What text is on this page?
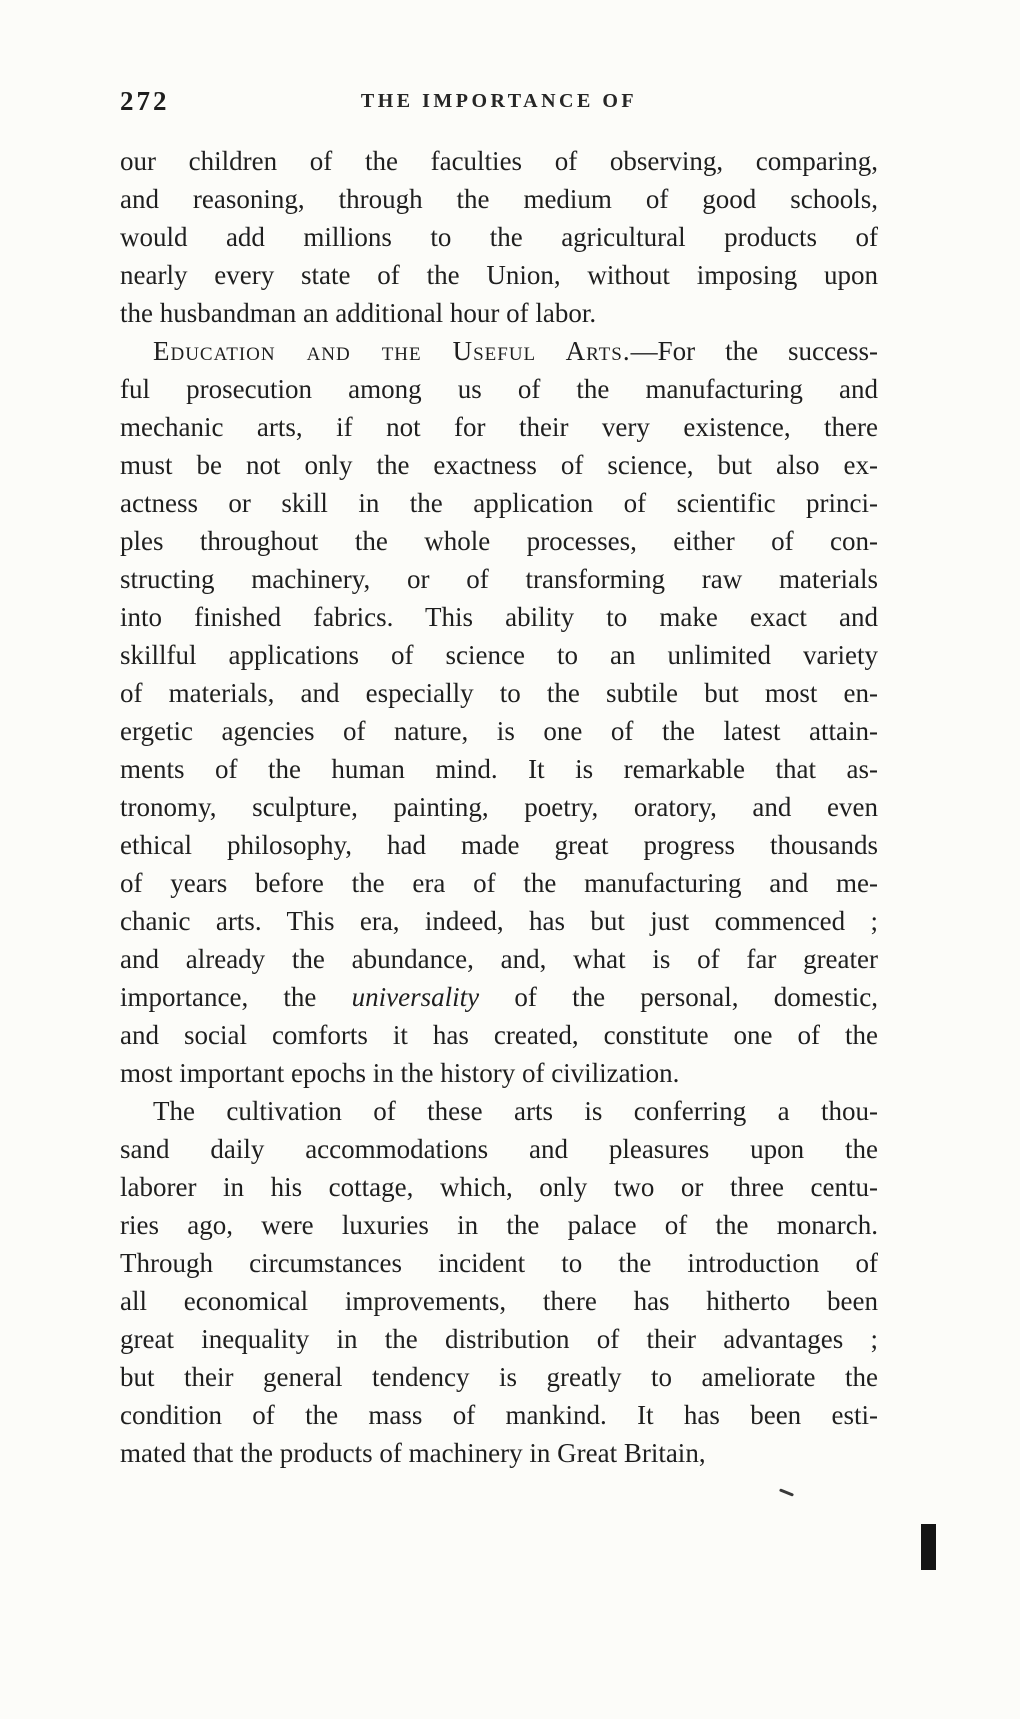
272	THE IMPORTANCE OF
our children of the faculties of observing, comparing,
and reasoning, through the medium of good schools,
would add millions to the agricultural products of
nearly every state of the Union, without imposing upon
the husbandman an additional hour of labor.
Education and the Useful Arts.—For the success-
ful prosecution among us of the manufacturing and
mechanic arts, if not for their very existence, there
must be not only the exactness of science, but also ex-
actness or skill in the application of scientific princi-
ples throughout the whole processes, either of con-
structing machinery, or of transforming raw materials
into finished fabrics. This ability to make exact and
skillful applications of science to an unlimited variety
of materials, and especially to the subtile but most en-
ergetic agencies of nature, is one of the latest attain-
ments of the human mind. It is remarkable that as-
tronomy, sculpture, painting, poetry, oratory, and even
ethical philosophy, had made great progress thousands
of years before the era of the manufacturing and me-
chanic arts. This era, indeed, has but just commenced ;
and already the abundance, and, what is of far greater
importance, the universality of the personal, domestic,
and social comforts it has created, constitute one of the
most important epochs in the history of civilization.
The cultivation of these arts is conferring a thou-
sand daily accommodations and pleasures upon the
laborer in his cottage, which, only two or three centu-
ries ago, were luxuries in the palace of the monarch.
Through circumstances incident to the introduction of
all economical improvements, there has hitherto been
great inequality in the distribution of their advantages ;
but their general tendency is greatly to ameliorate the
condition of the mass of mankind. It has been esti-
mated that the products of machinery in Great Britain,
